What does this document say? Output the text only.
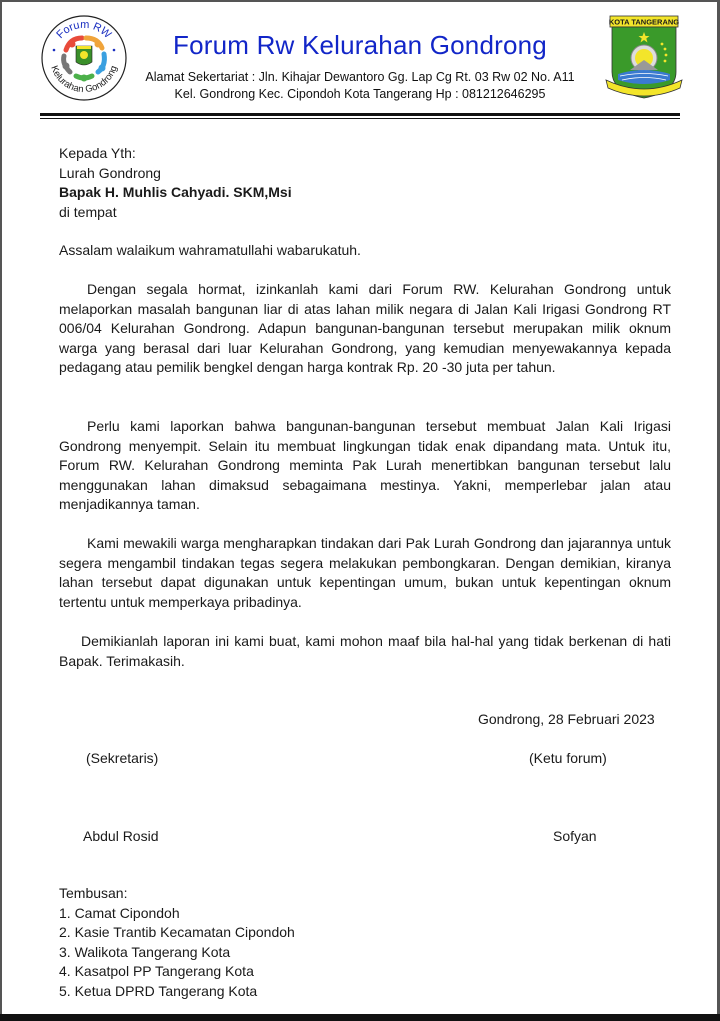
Forum RW
Kelurahan Gondrong
Forum Rw Kelurahan Gondrong
Alamat Sekertariat : Jln. Kihajar Dewantoro Gg. Lap Cg Rt. 03 Rw 02 No. A11
Kel. Gondrong Kec. Cipondoh Kota Tangerang Hp : 081212646295
KOTA TANGERANG
Kepada Yth:
Lurah Gondrong
Bapak H. Muhlis Cahyadi. SKM,Msi
di tempat
Assalam walaikum wahramatullahi wabarukatuh.
Dengan segala hormat, izinkanlah kami dari Forum RW. Kelurahan Gondrong untuk melaporkan masalah bangunan liar di atas lahan milik negara di Jalan Kali Irigasi Gondrong RT 006/04 Kelurahan Gondrong. Adapun bangunan-bangunan tersebut merupakan milik oknum warga yang berasal dari luar Kelurahan Gondrong, yang kemudian menyewakannya kepada pedagang atau pemilik bengkel dengan harga kontrak Rp. 20 -30 juta per tahun.
Perlu kami laporkan bahwa bangunan-bangunan tersebut membuat Jalan Kali Irigasi Gondrong menyempit. Selain itu membuat lingkungan tidak enak dipandang mata. Untuk itu, Forum RW. Kelurahan Gondrong meminta Pak Lurah menertibkan bangunan tersebut lalu menggunakan lahan dimaksud sebagaimana mestinya. Yakni, memperlebar jalan atau menjadikannya taman.
Kami mewakili warga mengharapkan tindakan dari Pak Lurah Gondrong dan jajarannya untuk segera mengambil tindakan tegas segera melakukan pembongkaran. Dengan demikian, kiranya lahan tersebut dapat digunakan untuk kepentingan umum, bukan untuk kepentingan oknum tertentu untuk memperkaya pribadinya.
Demikianlah laporan ini kami buat, kami mohon maaf bila hal-hal yang tidak berkenan di hati Bapak. Terimakasih.
Gondrong, 28 Februari 2023
(Sekretaris)	(Ketu forum)
Abdul Rosid	Sofyan
Tembusan:
1. Camat Cipondoh
2. Kasie Trantib Kecamatan Cipondoh
3. Walikota Tangerang Kota
4. Kasatpol PP Tangerang Kota
5. Ketua DPRD Tangerang Kota
